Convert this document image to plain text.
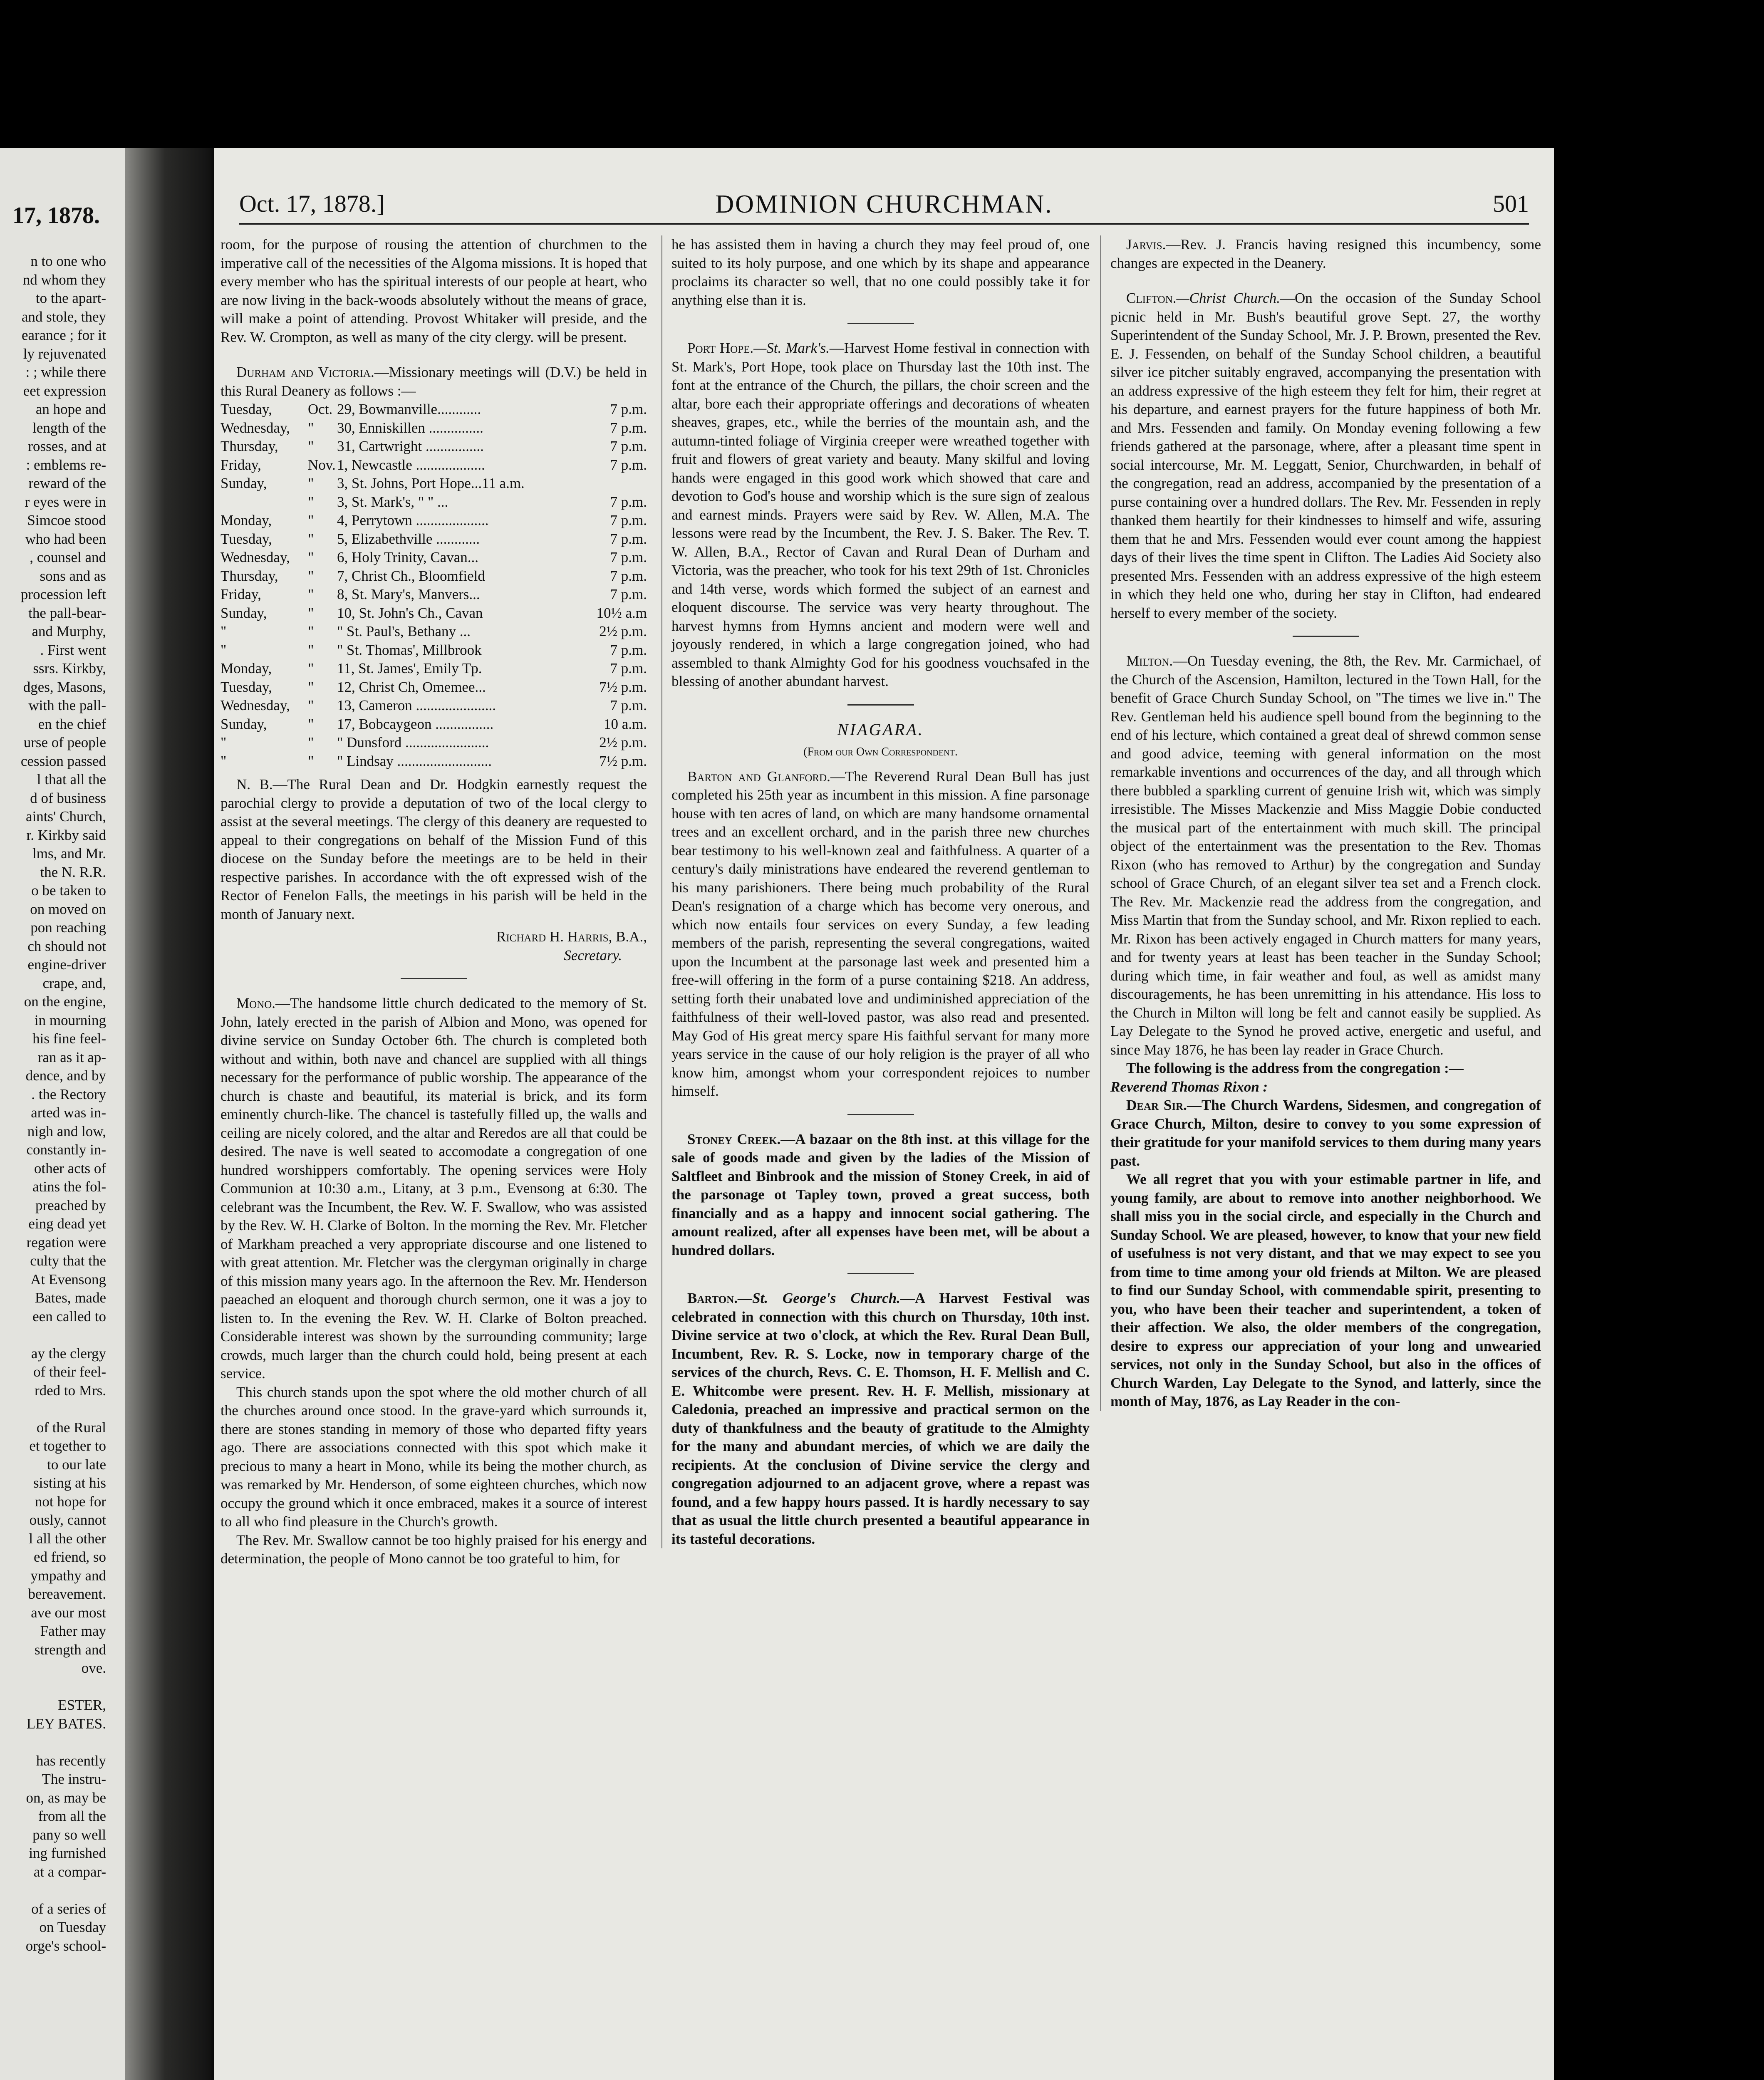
17, 1878.
n to one who
nd whom they
to the apart-
and stole, they
earance ; for it
ly rejuvenated
: ; while there
eet expression
an hope and
length of the
rosses, and at
: emblems re-
reward of the
r eyes were in
Simcoe stood
who had been
, counsel and
sons and as
procession left
the pall-bear-
and Murphy,
. First went
ssrs. Kirkby,
dges, Masons,
with the pall-
en the chief
urse of people
cession passed
l that all the
d of business
aints' Church,
r. Kirkby said
lms, and Mr.
the N. R.R.
o be taken to
on moved on
pon reaching
ch should not
engine-driver
crape, and,
on the engine,
in mourning
his fine feel-
ran as it ap-
dence, and by
. the Rectory
arted was in-
nigh and low,
constantly in-
other acts of
atins the fol-
preached by
eing dead yet
regation were
culty that the
At Evensong
Bates, made
een called to

ay the clergy
of their feel-
rded to Mrs.

of the Rural
et together to
to our late
sisting at his
not hope for
ously, cannot
l all the other
ed friend, so
ympathy and
bereavement.
ave our most
Father may
strength and
ove.

ESTER,
LEY BATES.

has recently
The instru-
on, as may be
from all the
pany so well
ing furnished
at a compar-

of a series of
on Tuesday
orge's school-
Oct. 17, 1878.]	DOMINION CHURCHMAN.	501

room, for the purpose of rousing the attention of churchmen to the imperative call of the necessities of the Algoma missions. It is hoped that every member who has the spiritual interests of our people at heart, who are now living in the back-woods absolutely without the means of grace, will make a point of attending. Provost Whitaker will preside, and the Rev. W. Crompton, as well as many of the city clergy. will be present.

Durham and Victoria.—Missionary meetings will (D.V.) be held in this Rural Deanery as follows :—

Tuesday,	Oct.	29, Bowmanville............	7 p.m.
Wednesday,	"	30, Enniskillen ...............	7 p.m.
Thursday,	"	31, Cartwright ................	7 p.m.
Friday,	Nov.	1, Newcastle ...................	7 p.m.
Sunday,	"	3, St. Johns, Port Hope...11 a.m.	
	"	3, St. Mark's, " " ...	7 p.m.
Monday,	"	4, Perrytown ....................	7 p.m.
Tuesday,	"	5, Elizabethville ............	7 p.m.
Wednesday,	"	6, Holy Trinity, Cavan...	7 p.m.
Thursday,	"	7, Christ Ch., Bloomfield	7 p.m.
Friday,	"	8, St. Mary's, Manvers...	7 p.m.
Sunday,	"	10, St. John's Ch., Cavan	10½ a.m
"	"	" St. Paul's, Bethany ...	2½ p.m.
"	"	" St. Thomas', Millbrook	7 p.m.
Monday,	"	11, St. James', Emily Tp.	7 p.m.
Tuesday,	"	12, Christ Ch, Omemee...	7½ p.m.
Wednesday,	"	13, Cameron ......................	7 p.m.
Sunday,	"	17, Bobcaygeon ................	10 a.m.
"	"	" Dunsford .......................	2½ p.m.
"	"	" Lindsay ..........................	7½ p.m.

N. B.—The Rural Dean and Dr. Hodgkin earnestly request the parochial clergy to provide a deputation of two of the local clergy to assist at the several meetings. The clergy of this deanery are requested to appeal to their congregations on behalf of the Mission Fund of this diocese on the Sunday before the meetings are to be held in their respective parishes. In accordance with the oft expressed wish of the Rector of Fenelon Falls, the meetings in his parish will be held in the month of January next.

Richard H. Harris, B.A.,
Secretary.

Mono.—The handsome little church dedicated to the memory of St. John, lately erected in the parish of Albion and Mono, was opened for divine service on Sunday October 6th. The church is completed both without and within, both nave and chancel are supplied with all things necessary for the performance of public worship. The appearance of the church is chaste and beautiful, its material is brick, and its form eminently church-like. The chancel is tastefully filled up, the walls and ceiling are nicely colored, and the altar and Reredos are all that could be desired. The nave is well seated to accomodate a congregation of one hundred worshippers comfortably. The opening services were Holy Communion at 10:30 a.m., Litany, at 3 p.m., Evensong at 6:30. The celebrant was the Incumbent, the Rev. W. F. Swallow, who was assisted by the Rev. W. H. Clarke of Bolton. In the morning the Rev. Mr. Fletcher of Markham preached a very appropriate discourse and one listened to with great attention. Mr. Fletcher was the clergyman originally in charge of this mission many years ago. In the afternoon the Rev. Mr. Henderson paeached an eloquent and thorough church sermon, one it was a joy to listen to. In the evening the Rev. W. H. Clarke of Bolton preached. Considerable interest was shown by the surrounding community; large crowds, much larger than the church could hold, being present at each service.

This church stands upon the spot where the old mother church of all the churches around once stood. In the grave-yard which surrounds it, there are stones standing in memory of those who departed fifty years ago. There are associations connected with this spot which make it precious to many a heart in Mono, while its being the mother church, as was remarked by Mr. Henderson, of some eighteen churches, which now occupy the ground which it once embraced, makes it a source of interest to all who find pleasure in the Church's growth.

The Rev. Mr. Swallow cannot be too highly praised for his energy and determination, the people of Mono cannot be too grateful to him, for

he has assisted them in having a church they may feel proud of, one suited to its holy purpose, and one which by its shape and appearance proclaims its character so well, that no one could possibly take it for anything else than it is.

Port Hope.—St. Mark's.—Harvest Home festival in connection with St. Mark's, Port Hope, took place on Thursday last the 10th inst. The font at the entrance of the Church, the pillars, the choir screen and the altar, bore each their appropriate offerings and decorations of wheaten sheaves, grapes, etc., while the berries of the mountain ash, and the autumn-tinted foliage of Virginia creeper were wreathed together with fruit and flowers of great variety and beauty. Many skilful and loving hands were engaged in this good work which showed that care and devotion to God's house and worship which is the sure sign of zealous and earnest minds. Prayers were said by Rev. W. Allen, M.A. The lessons were read by the Incumbent, the Rev. J. S. Baker. The Rev. T. W. Allen, B.A., Rector of Cavan and Rural Dean of Durham and Victoria, was the preacher, who took for his text 29th of 1st. Chronicles and 14th verse, words which formed the subject of an earnest and eloquent discourse. The service was very hearty throughout. The harvest hymns from Hymns ancient and modern were well and joyously rendered, in which a large congregation joined, who had assembled to thank Almighty God for his goodness vouchsafed in the blessing of another abundant harvest.

NIAGARA.
(From our Own Correspondent.

Barton and Glanford.—The Reverend Rural Dean Bull has just completed his 25th year as incumbent in this mission. A fine parsonage house with ten acres of land, on which are many handsome ornamental trees and an excellent orchard, and in the parish three new churches bear testimony to his well-known zeal and faithfulness. A quarter of a century's daily ministrations have endeared the reverend gentleman to his many parishioners. There being much probability of the Rural Dean's resignation of a charge which has become very onerous, and which now entails four services on every Sunday, a few leading members of the parish, representing the several congregations, waited upon the Incumbent at the parsonage last week and presented him a free-will offering in the form of a purse containing $218. An address, setting forth their unabated love and undiminished appreciation of the faithfulness of their well-loved pastor, was also read and presented. May God of His great mercy spare His faithful servant for many more years service in the cause of our holy religion is the prayer of all who know him, amongst whom your correspondent rejoices to number himself.

Stoney Creek.—A bazaar on the 8th inst. at this village for the sale of goods made and given by the ladies of the Mission of Saltfleet and Binbrook and the mission of Stoney Creek, in aid of the parsonage ot Tapley town, proved a great success, both financially and as a happy and innocent social gathering. The amount realized, after all expenses have been met, will be about a hundred dollars.

Barton.—St. George's Church.—A Harvest Festival was celebrated in connection with this church on Thursday, 10th inst. Divine service at two o'clock, at which the Rev. Rural Dean Bull, Incumbent, Rev. R. S. Locke, now in temporary charge of the services of the church, Revs. C. E. Thomson, H. F. Mellish and C. E. Whitcombe were present. Rev. H. F. Mellish, missionary at Caledonia, preached an impressive and practical sermon on the duty of thankfulness and the beauty of gratitude to the Almighty for the many and abundant mercies, of which we are daily the recipients. At the conclusion of Divine service the clergy and congregation adjourned to an adjacent grove, where a repast was found, and a few happy hours passed. It is hardly necessary to say that as usual the little church presented a beautiful appearance in its tasteful decorations.

Jarvis.—Rev. J. Francis having resigned this incumbency, some changes are expected in the Deanery.

Clifton.—Christ Church.—On the occasion of the Sunday School picnic held in Mr. Bush's beautiful grove Sept. 27, the worthy Superintendent of the Sunday School, Mr. J. P. Brown, presented the Rev. E. J. Fessenden, on behalf of the Sunday School children, a beautiful silver ice pitcher suitably engraved, accompanying the presentation with an address expressive of the high esteem they felt for him, their regret at his departure, and earnest prayers for the future happiness of both Mr. and Mrs. Fessenden and family. On Monday evening following a few friends gathered at the parsonage, where, after a pleasant time spent in social intercourse, Mr. M. Leggatt, Senior, Churchwarden, in behalf of the congregation, read an address, accompanied by the presentation of a purse containing over a hundred dollars. The Rev. Mr. Fessenden in reply thanked them heartily for their kindnesses to himself and wife, assuring them that he and Mrs. Fessenden would ever count among the happiest days of their lives the time spent in Clifton. The Ladies Aid Society also presented Mrs. Fessenden with an address expressive of the high esteem in which they held one who, during her stay in Clifton, had endeared herself to every member of the society.

Milton.—On Tuesday evening, the 8th, the Rev. Mr. Carmichael, of the Church of the Ascension, Hamilton, lectured in the Town Hall, for the benefit of Grace Church Sunday School, on "The times we live in." The Rev. Gentleman held his audience spell bound from the beginning to the end of his lecture, which contained a great deal of shrewd common sense and good advice, teeming with general information on the most remarkable inventions and occurrences of the day, and all through which there bubbled a sparkling current of genuine Irish wit, which was simply irresistible. The Misses Mackenzie and Miss Maggie Dobie conducted the musical part of the entertainment with much skill. The principal object of the entertainment was the presentation to the Rev. Thomas Rixon (who has removed to Arthur) by the congregation and Sunday school of Grace Church, of an elegant silver tea set and a French clock. The Rev. Mr. Mackenzie read the address from the congregation, and Miss Martin that from the Sunday school, and Mr. Rixon replied to each. Mr. Rixon has been actively engaged in Church matters for many years, and for twenty years at least has been teacher in the Sunday School; during which time, in fair weather and foul, as well as amidst many discouragements, he has been unremitting in his attendance. His loss to the Church in Milton will long be felt and cannot easily be supplied. As Lay Delegate to the Synod he proved active, energetic and useful, and since May 1876, he has been lay reader in Grace Church.

The following is the address from the congregation :—

Reverend Thomas Rixon :

Dear Sir.—The Church Wardens, Sidesmen, and congregation of Grace Church, Milton, desire to convey to you some expression of their gratitude for your manifold services to them during many years past.

We all regret that you with your estimable partner in life, and young family, are about to remove into another neighborhood. We shall miss you in the social circle, and especially in the Church and Sunday School. We are pleased, however, to know that your new field of usefulness is not very distant, and that we may expect to see you from time to time among your old friends at Milton. We are pleased to find our Sunday School, with commendable spirit, presenting to you, who have been their teacher and superintendent, a token of their affection. We also, the older members of the congregation, desire to express our appreciation of your long and unwearied services, not only in the Sunday School, but also in the offices of Church Warden, Lay Delegate to the Synod, and latterly, since the month of May, 1876, as Lay Reader in the con-
